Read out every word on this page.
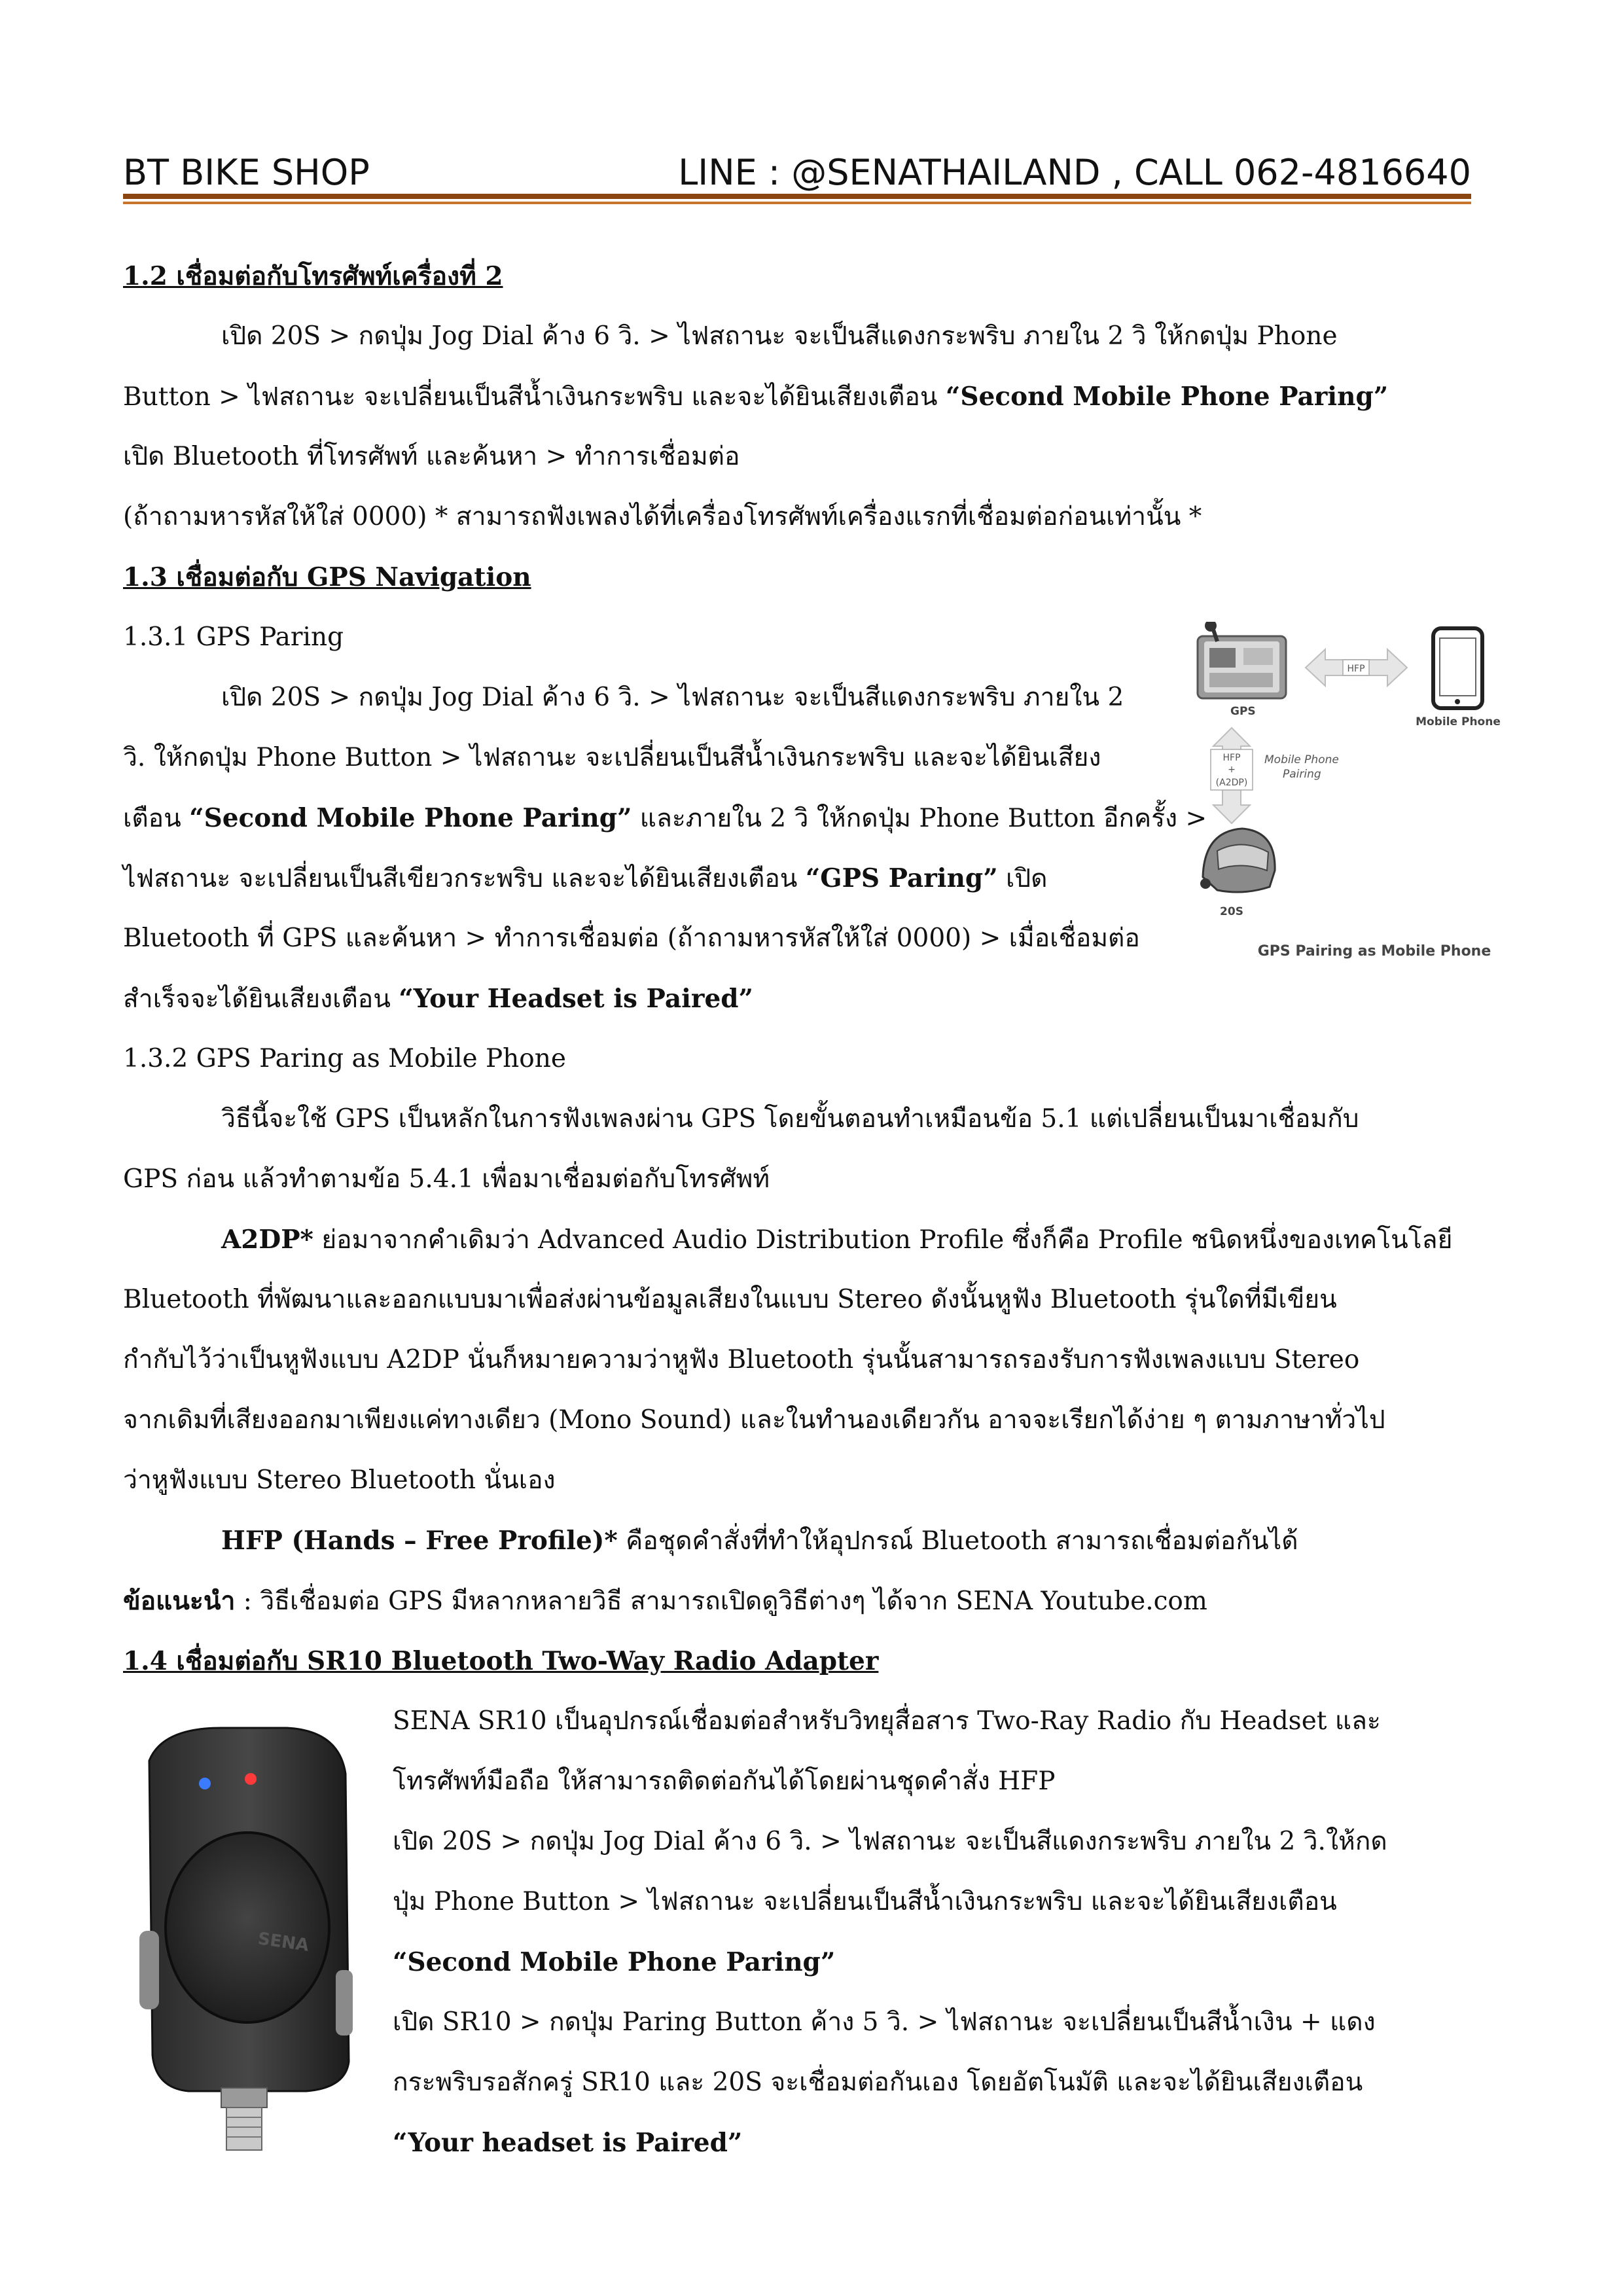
BT BIKE SHOP	LINE : @SENATHAILAND , CALL 062-4816640
1.2 เชื่อมต่อกับโทรศัพท์เครื่องที่ 2
เปิด 20S > กดปุ่ม Jog Dial ค้าง 6 วิ. > ไฟสถานะ จะเป็นสีแดงกระพริบ ภายใน 2 วิ ให้กดปุ่ม Phone
Button > ไฟสถานะ จะเปลี่ยนเป็นสีน้ำเงินกระพริบ และจะได้ยินเสียงเตือน “Second Mobile Phone Paring”
เปิด Bluetooth ที่โทรศัพท์ และค้นหา > ทำการเชื่อมต่อ
(ถ้าถามหารหัสให้ใส่ 0000) * สามารถฟังเพลงได้ที่เครื่องโทรศัพท์เครื่องแรกที่เชื่อมต่อก่อนเท่านั้น *
1.3 เชื่อมต่อกับ GPS Navigation
1.3.1 GPS Paring
เปิด 20S > กดปุ่ม Jog Dial ค้าง 6 วิ. > ไฟสถานะ จะเป็นสีแดงกระพริบ ภายใน 2
วิ. ให้กดปุ่ม Phone Button > ไฟสถานะ จะเปลี่ยนเป็นสีน้ำเงินกระพริบ และจะได้ยินเสียง
เตือน “Second Mobile Phone Paring” และภายใน 2 วิ ให้กดปุ่ม Phone Button อีกครั้ง >
ไฟสถานะ จะเปลี่ยนเป็นสีเขียวกระพริบ และจะได้ยินเสียงเตือน “GPS Paring” เปิด
Bluetooth ที่ GPS และค้นหา > ทำการเชื่อมต่อ (ถ้าถามหารหัสให้ใส่ 0000) > เมื่อเชื่อมต่อ
สำเร็จจะได้ยินเสียงเตือน “Your Headset is Paired”
1.3.2 GPS Paring as Mobile Phone
วิธีนี้จะใช้ GPS เป็นหลักในการฟังเพลงผ่าน GPS โดยขั้นตอนทำเหมือนข้อ 5.1 แต่เปลี่ยนเป็นมาเชื่อมกับ
GPS ก่อน แล้วทำตามข้อ 5.4.1 เพื่อมาเชื่อมต่อกับโทรศัพท์
A2DP* ย่อมาจากคำเดิมว่า Advanced Audio Distribution Profile ซึ่งก็คือ Profile ชนิดหนึ่งของเทคโนโลยี
Bluetooth ที่พัฒนาและออกแบบมาเพื่อส่งผ่านข้อมูลเสียงในแบบ Stereo ดังนั้นหูฟัง Bluetooth รุ่นใดที่มีเขียน
กำกับไว้ว่าเป็นหูฟังแบบ A2DP นั่นก็หมายความว่าหูฟัง Bluetooth รุ่นนั้นสามารถรองรับการฟังเพลงแบบ Stereo
จากเดิมที่เสียงออกมาเพียงแค่ทางเดียว (Mono Sound) และในทำนองเดียวกัน อาจจะเรียกได้ง่าย ๆ ตามภาษาทั่วไป
ว่าหูฟังแบบ Stereo Bluetooth นั่นเอง
HFP (Hands – Free Profile)* คือชุดคำสั่งที่ทำให้อุปกรณ์ Bluetooth สามารถเชื่อมต่อกันได้
ข้อแนะนำ : วิธีเชื่อมต่อ GPS มีหลากหลายวิธี สามารถเปิดดูวิธีต่างๆ ได้จาก SENA Youtube.com
GPS
HFP
Mobile Phone
HFP
+
(A2DP)
Mobile Phone
Pairing
20S
GPS Pairing as Mobile Phone
1.4 เชื่อมต่อกับ SR10 Bluetooth Two-Way Radio Adapter
SENA SR10 เป็นอุปกรณ์เชื่อมต่อสำหรับวิทยุสื่อสาร Two-Ray Radio กับ Headset และ
โทรศัพท์มือถือ ให้สามารถติดต่อกันได้โดยผ่านชุดคำสั่ง HFP
เปิด 20S > กดปุ่ม Jog Dial ค้าง 6 วิ. > ไฟสถานะ จะเป็นสีแดงกระพริบ ภายใน 2 วิ.ให้กด
ปุ่ม Phone Button > ไฟสถานะ จะเปลี่ยนเป็นสีน้ำเงินกระพริบ และจะได้ยินเสียงเตือน
“Second Mobile Phone Paring”
เปิด SR10 > กดปุ่ม Paring Button ค้าง 5 วิ. > ไฟสถานะ จะเปลี่ยนเป็นสีน้ำเงิน + แดง
กระพริบรอสักครู่ SR10 และ 20S จะเชื่อมต่อกันเอง โดยอัตโนมัติ และจะได้ยินเสียงเตือน
“Your headset is Paired”
SENA
